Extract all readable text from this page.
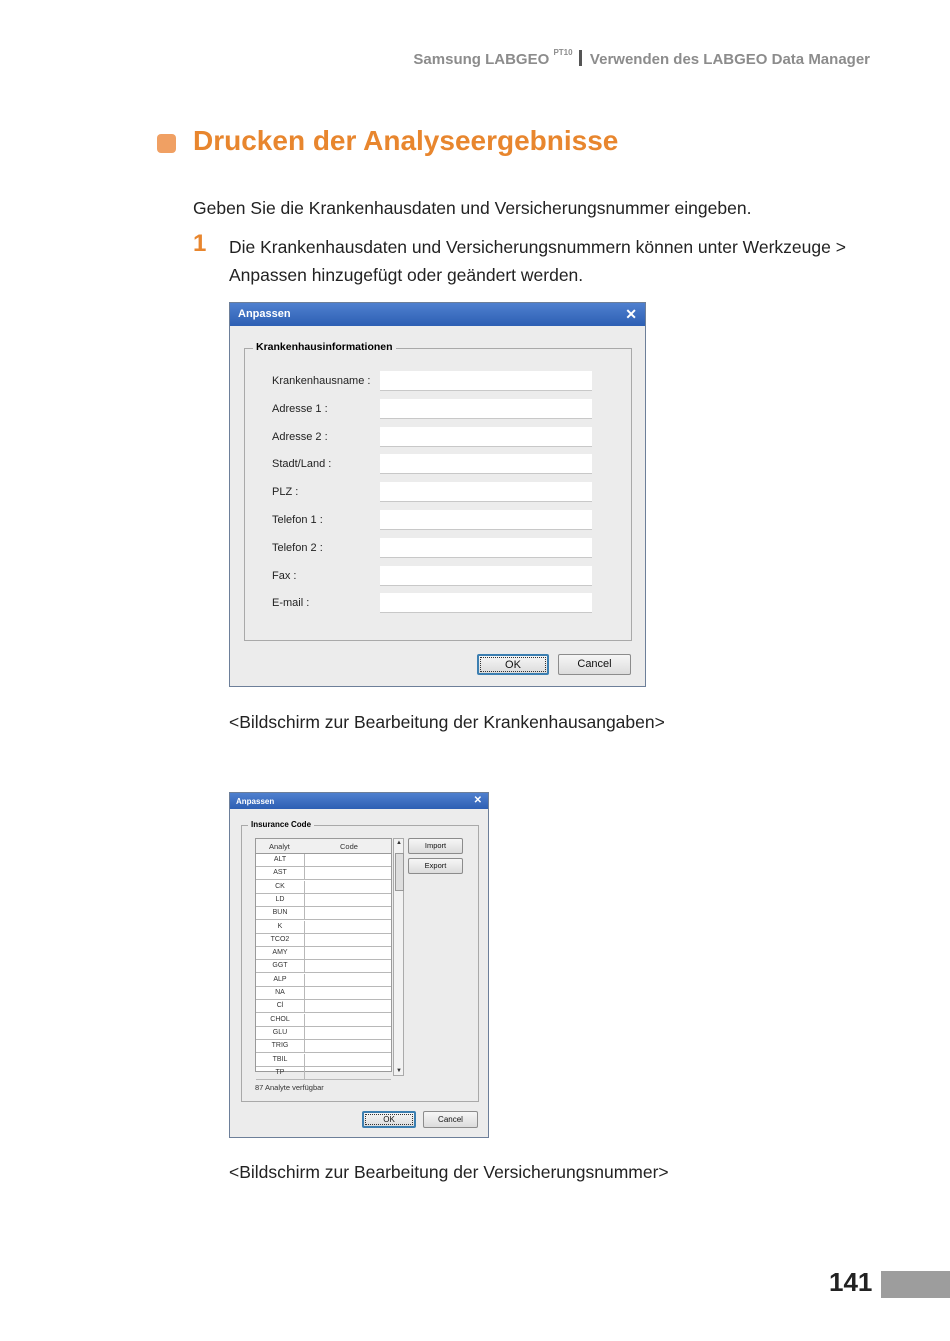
Samsung LABGEO $^{PT10}$ Verwenden des LABGEO Data Manager
Drucken der Analyseergebnisse
Geben Sie die Krankenhausdaten und Versicherungsnummer eingeben.
1 Die Krankenhausdaten und Versicherungsnummern können unter Werkzeuge > Anpassen hinzugefügt oder geändert werden.
Anpassen	✕
Krankenhausinformationen
Krankenhausname :
Adresse 1 :
Adresse 2 :
Stadt/Land :
PLZ :
Telefon 1 :
Telefon 2 :
Fax :
E-mail :
OK	Cancel
<Bildschirm zur Bearbeitung der Krankenhausangaben>
Anpassen	✕
Insurance Code
Analyt	Code
ALT
AST
CK
LD
BUN
K
TCO2
AMY
GGT
ALP
NA
Cl
CHOL
GLU
TRIG
TBIL
TP
▲
▼
Import
Export
87 Analyte verfügbar
OK	Cancel
<Bildschirm zur Bearbeitung der Versicherungsnummer>
141
